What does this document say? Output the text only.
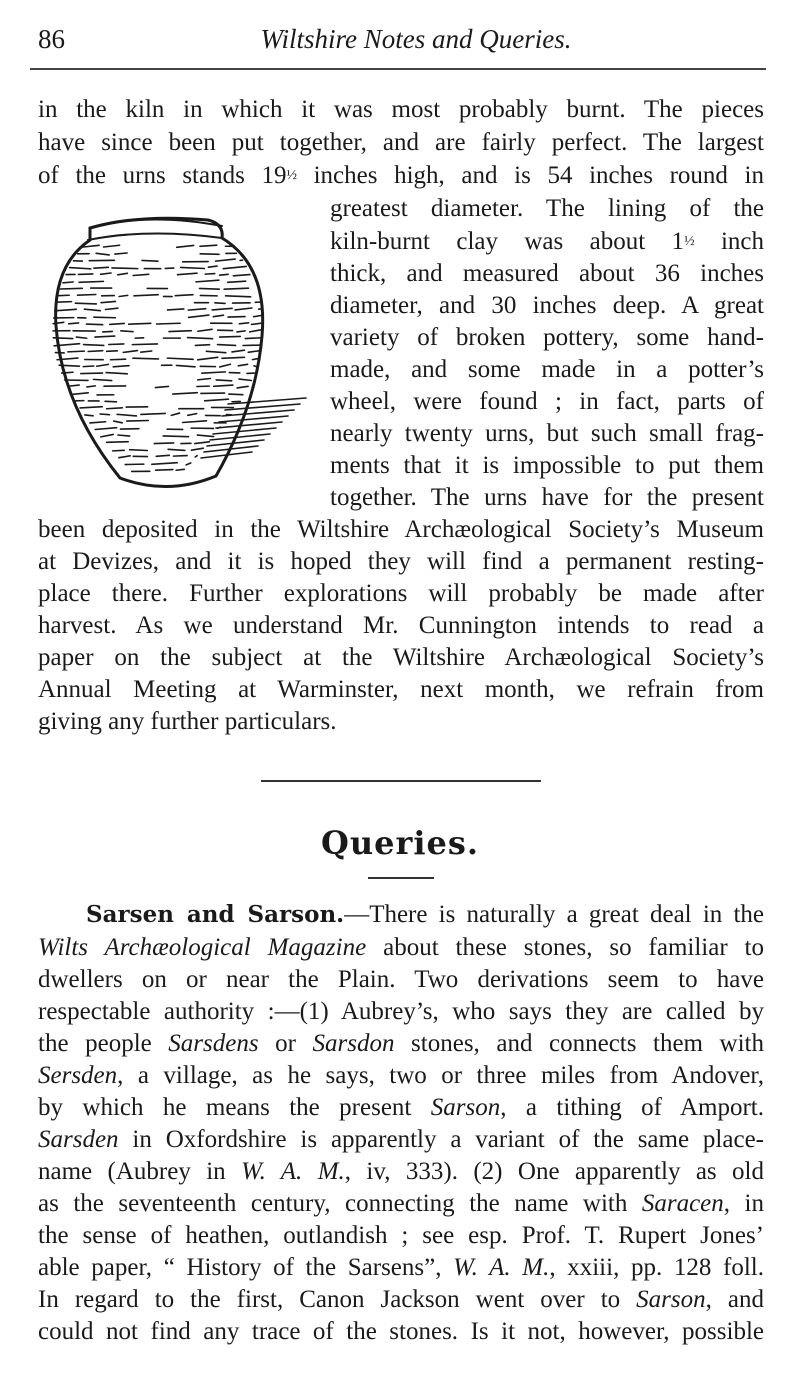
86	Wiltshire Notes and Queries.
in the kiln in which it was most probably burnt. The pieces
have since been put together, and are fairly perfect. The largest
of the urns stands 19½ inches high, and is 54 inches round in
greatest diameter. The lining of the
kiln-burnt clay was about 1½ inch
thick, and measured about 36 inches
diameter, and 30 inches deep. A great
variety of broken pottery, some hand-
made, and some made in a potter’s
wheel, were found ; in fact, parts of
nearly twenty urns, but such small frag-
ments that it is impossible to put them
together. The urns have for the present
been deposited in the Wiltshire Archæological Society’s Museum
at Devizes, and it is hoped they will find a permanent resting-
place there. Further explorations will probably be made after
harvest. As we understand Mr. Cunnington intends to read a
paper on the subject at the Wiltshire Archæological Society’s
Annual Meeting at Warminster, next month, we refrain from
giving any further particulars.
Queries.
Sarsen and Sarson.—There is naturally a great deal in the
Wilts Archæological Magazine about these stones, so familiar to
dwellers on or near the Plain. Two derivations seem to have
respectable authority :—(1) Aubrey’s, who says they are called by
the people Sarsdens or Sarsdon stones, and connects them with
Sersden, a village, as he says, two or three miles from Andover,
by which he means the present Sarson, a tithing of Amport.
Sarsden in Oxfordshire is apparently a variant of the same place-
name (Aubrey in W. A. M., iv, 333). (2) One apparently as old
as the seventeenth century, connecting the name with Saracen, in
the sense of heathen, outlandish ; see esp. Prof. T. Rupert Jones’
able paper, “ History of the Sarsens”, W. A. M., xxiii, pp. 128 foll.
In regard to the first, Canon Jackson went over to Sarson, and
could not find any trace of the stones. Is it not, however, possible
